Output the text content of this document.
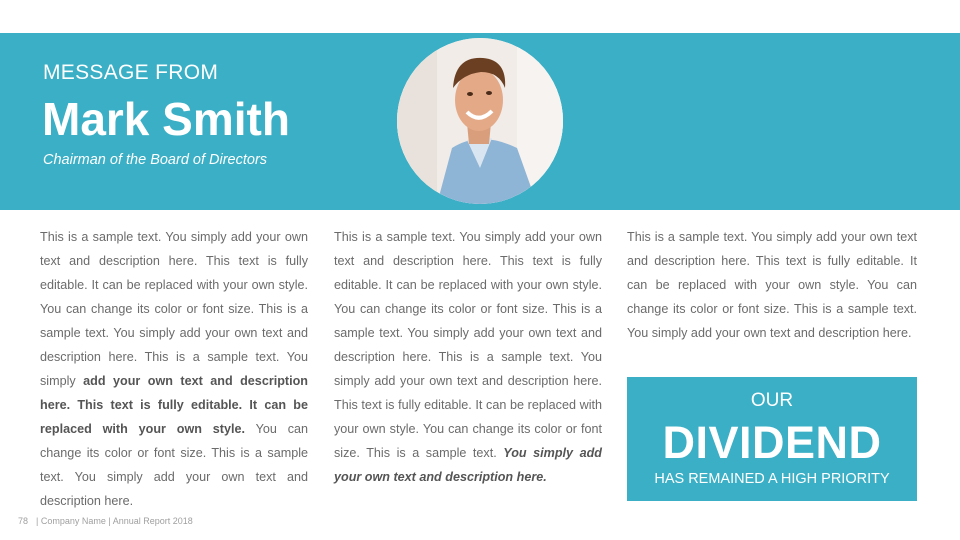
MESSAGE FROM
Mark Smith
Chairman of the Board of Directors

This is a sample text. You simply add your own text and description here. This text is fully editable. It can be replaced with your own style. You can change its color or font size. This is a sample text. You simply add your own text and description here. This is a sample text. You simply add your own text and description here. This text is fully editable. It can be replaced with your own style. You can change its color or font size. This is a sample text. You simply add your own text and description here.

This is a sample text. You simply add your own text and description here. This text is fully editable. It can be replaced with your own style. You can change its color or font size. This is a sample text. You simply add your own text and description here. This is a sample text. You simply add your own text and description here. This text is fully editable. It can be replaced with your own style. You can change its color or font size. This is a sample text. You simply add your own text and description here.

This is a sample text. You simply add your own text and description here. This text is fully editable. It can be replaced with your own style. You can change its color or font size. This is a sample text. You simply add your own text and description here.

OUR
DIVIDEND
HAS REMAINED A HIGH PRIORITY
78 | Company Name | Annual Report 2018
